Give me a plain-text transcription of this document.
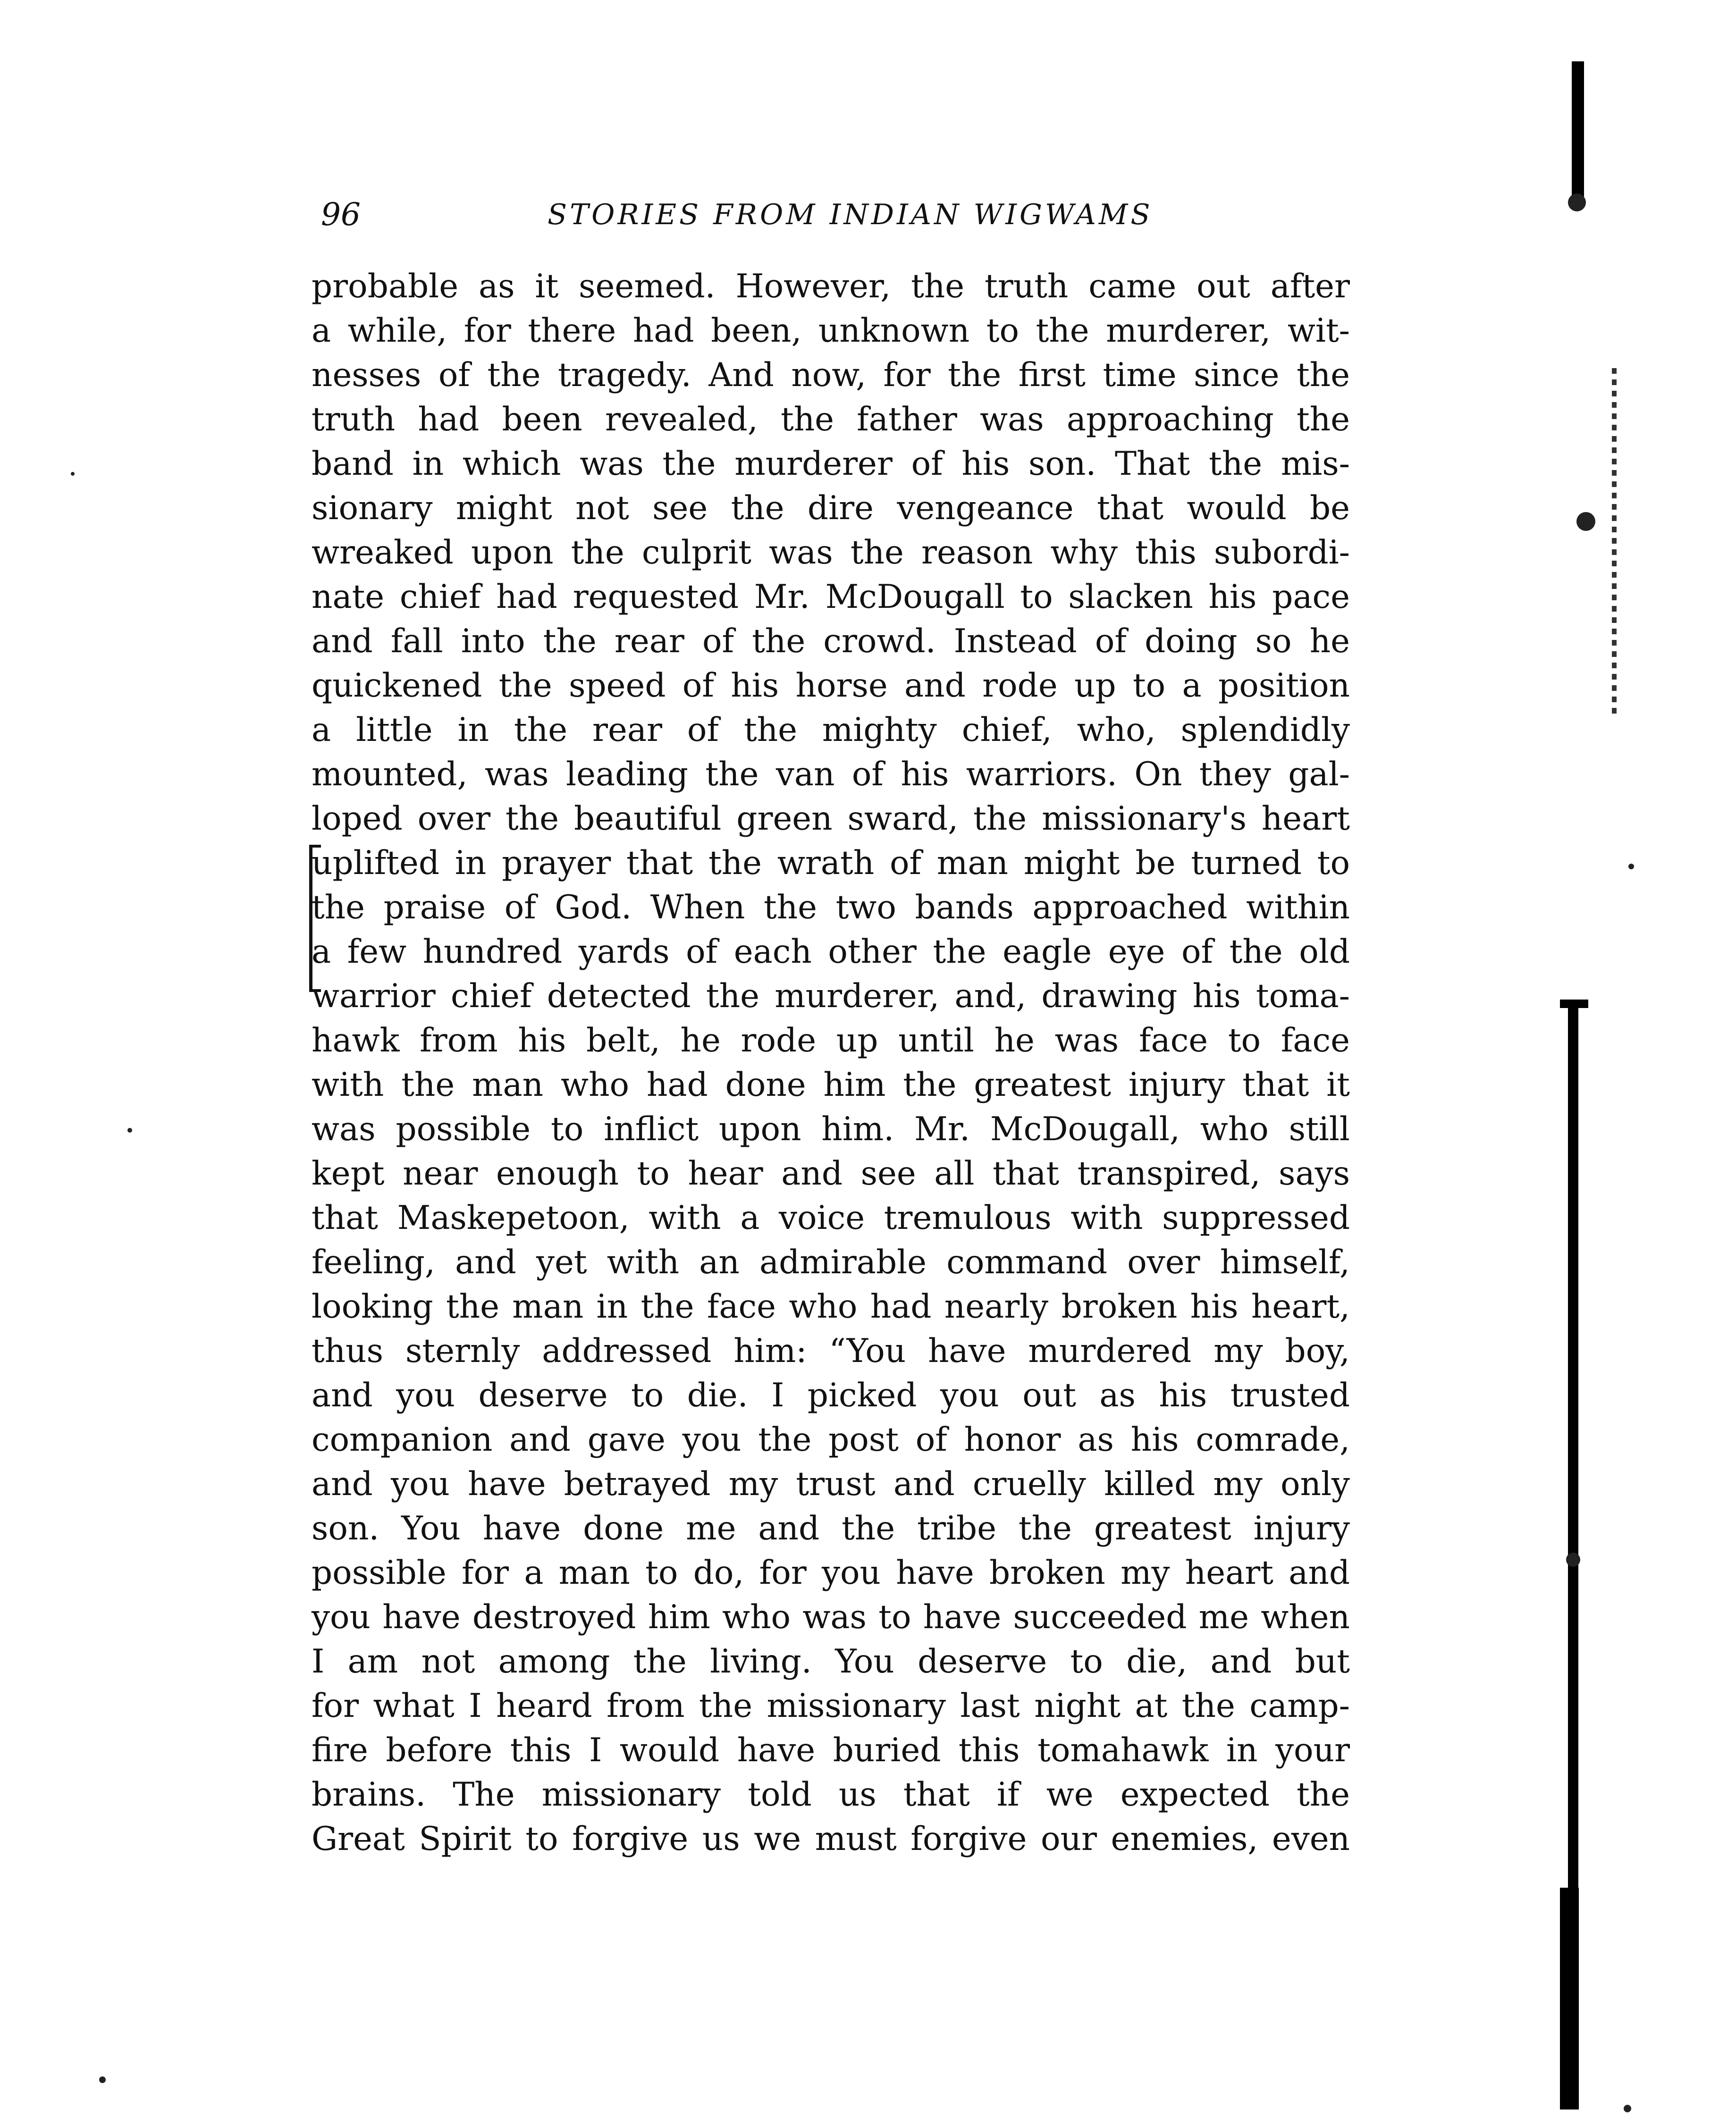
96	STORIES FROM INDIAN WIGWAMS
probable as it seemed. However, the truth came out after
a while, for there had been, unknown to the murderer, wit-
nesses of the tragedy. And now, for the first time since the
truth had been revealed, the father was approaching the
band in which was the murderer of his son. That the mis-
sionary might not see the dire vengeance that would be
wreaked upon the culprit was the reason why this subordi-
nate chief had requested Mr. McDougall to slacken his pace
and fall into the rear of the crowd. Instead of doing so he
quickened the speed of his horse and rode up to a position
a little in the rear of the mighty chief, who, splendidly
mounted, was leading the van of his warriors. On they gal-
loped over the beautiful green sward, the missionary's heart
uplifted in prayer that the wrath of man might be turned to
the praise of God. When the two bands approached within
a few hundred yards of each other the eagle eye of the old
warrior chief detected the murderer, and, drawing his toma-
hawk from his belt, he rode up until he was face to face
with the man who had done him the greatest injury that it
was possible to inflict upon him. Mr. McDougall, who still
kept near enough to hear and see all that transpired, says
that Maskepetoon, with a voice tremulous with suppressed
feeling, and yet with an admirable command over himself,
looking the man in the face who had nearly broken his heart,
thus sternly addressed him: “You have murdered my boy,
and you deserve to die. I picked you out as his trusted
companion and gave you the post of honor as his comrade,
and you have betrayed my trust and cruelly killed my only
son. You have done me and the tribe the greatest injury
possible for a man to do, for you have broken my heart and
you have destroyed him who was to have succeeded me when
I am not among the living. You deserve to die, and but
for what I heard from the missionary last night at the camp-
fire before this I would have buried this tomahawk in your
brains. The missionary told us that if we expected the
Great Spirit to forgive us we must forgive our enemies, even
